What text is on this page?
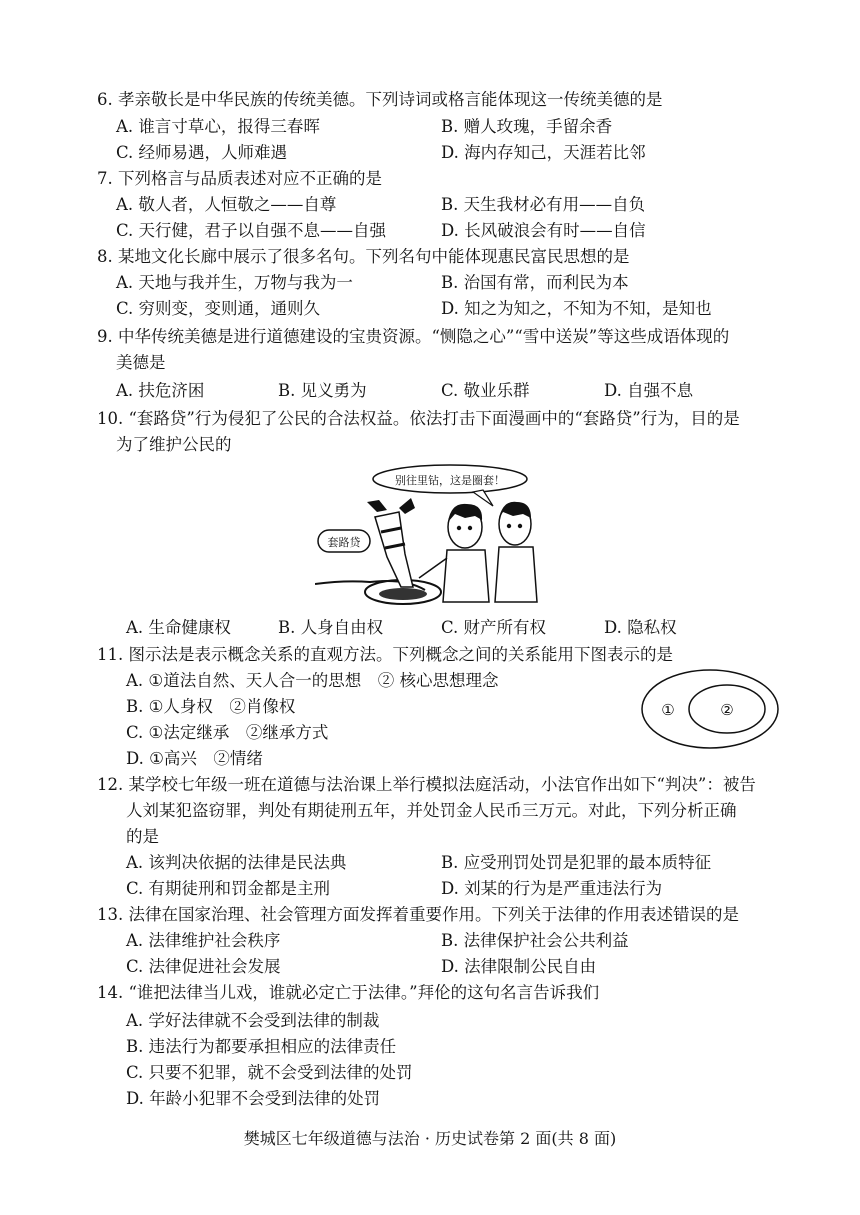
6. 孝亲敬长是中华民族的传统美德。下列诗词或格言能体现这一传统美德的是
A. 谁言寸草心，报得三春晖	B. 赠人玫瑰，手留余香
C. 经师易遇，人师难遇	D. 海内存知己，天涯若比邻
7. 下列格言与品质表述对应不正确的是
A. 敬人者，人恒敬之——自尊	B. 天生我材必有用——自负
C. 天行健，君子以自强不息——自强	D. 长风破浪会有时——自信
8. 某地文化长廊中展示了很多名句。下列名句中能体现惠民富民思想的是
A. 天地与我并生，万物与我为一	B. 治国有常，而利民为本
C. 穷则变，变则通，通则久	D. 知之为知之，不知为不知，是知也
9. 中华传统美德是进行道德建设的宝贵资源。“恻隐之心”“雪中送炭”等这些成语体现的
美德是
A. 扶危济困	B. 见义勇为	C. 敬业乐群	D. 自强不息
10. “套路贷”行为侵犯了公民的合法权益。依法打击下面漫画中的“套路贷”行为，目的是
为了维护公民的
别往里钻，这是圈套！
套路贷
A. 生命健康权	B. 人身自由权	C. 财产所有权	D. 隐私权
11. 图示法是表示概念关系的直观方法。下列概念之间的关系能用下图表示的是
A. ①道法自然、天人合一的思想　② 核心思想理念
B. ①人身权　②肖像权
C. ①法定继承　②继承方式
D. ①高兴　②情绪
①	②
12. 某学校七年级一班在道德与法治课上举行模拟法庭活动，小法官作出如下“判决”：被告
人刘某犯盗窃罪，判处有期徒刑五年，并处罚金人民币三万元。对此，下列分析正确
的是
A. 该判决依据的法律是民法典	B. 应受刑罚处罚是犯罪的最本质特征
C. 有期徒刑和罚金都是主刑	D. 刘某的行为是严重违法行为
13. 法律在国家治理、社会管理方面发挥着重要作用。下列关于法律的作用表述错误的是
A. 法律维护社会秩序	B. 法律保护社会公共利益
C. 法律促进社会发展	D. 法律限制公民自由
14. “谁把法律当儿戏，谁就必定亡于法律。”拜伦的这句名言告诉我们
A. 学好法律就不会受到法律的制裁
B. 违法行为都要承担相应的法律责任
C. 只要不犯罪，就不会受到法律的处罚
D. 年龄小犯罪不会受到法律的处罚
樊城区七年级道德与法治 · 历史试卷第 2 面(共 8 面)
